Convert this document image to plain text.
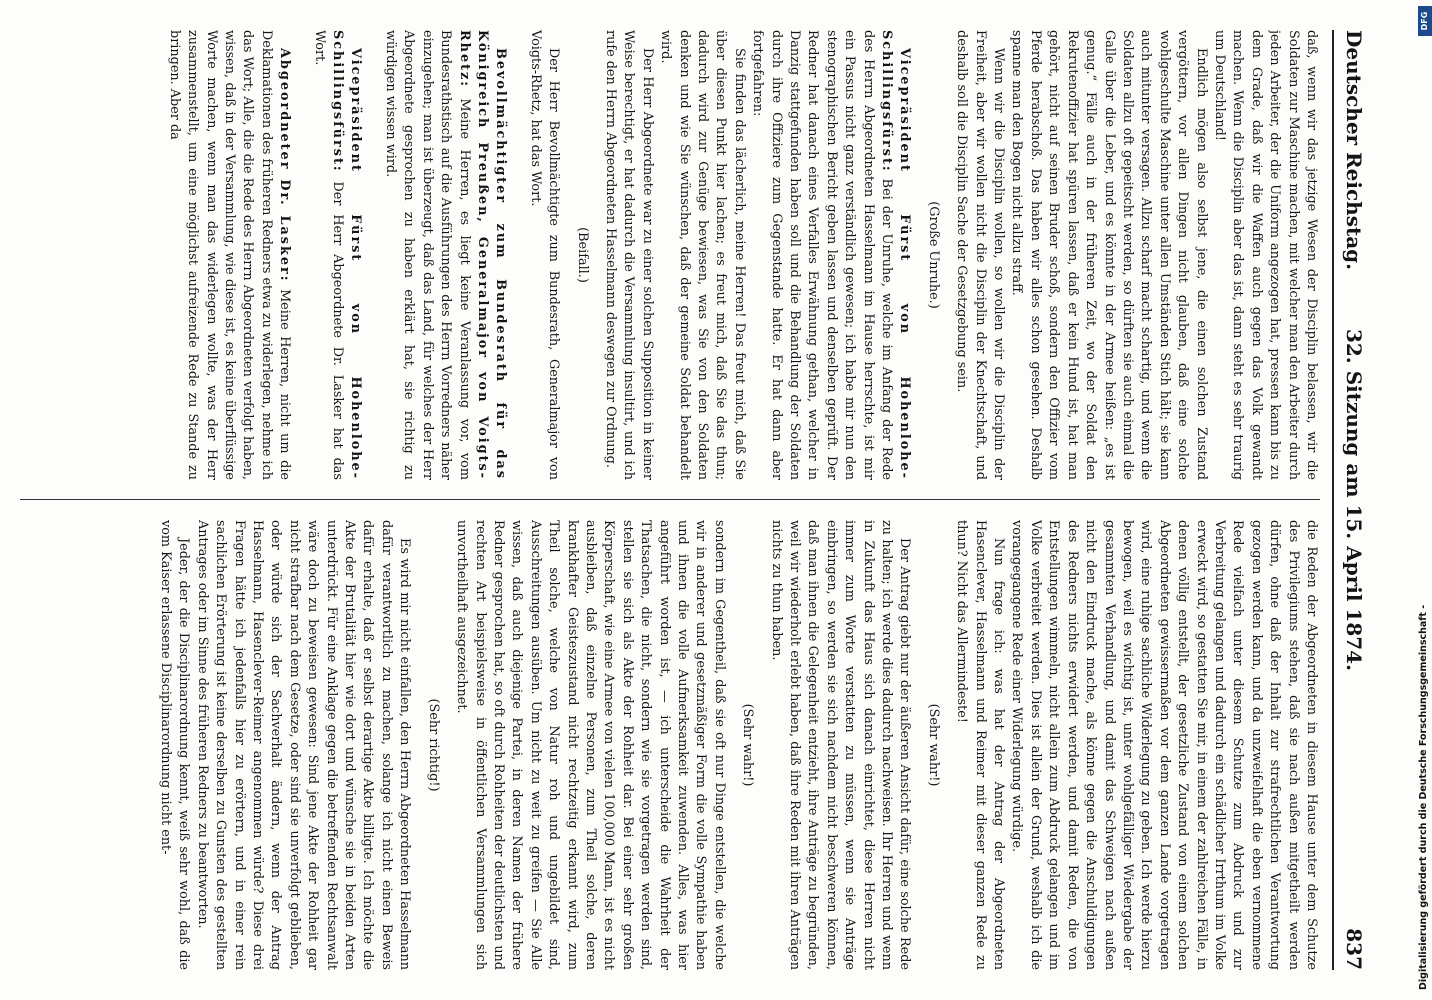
Deutscher Reichstag.
32. Sitzung am 15. April 1874.
837

daß, wenn wir das jetzige Wesen der Disciplin belassen, wir die Soldaten zur Maschine machen, mit welcher man den Arbeiter durch jeden Arbeiter, der die Uniform angezogen hat, pressen kann bis zu dem Grade, daß wir die Waffen auch gegen das Volk gewandt machen. Wenn die Disciplin aber das ist, dann steht es sehr traurig um Deutschland!

Endlich mögen also selbst jene, die einen solchen Zustand vergöttern, vor allen Dingen nicht glauben, daß eine solche wohlgeschulte Maschine unter allen Umständen Stich hält; sie kann auch mitunter versagen. Allzu scharf macht schartig, und wenn die Soldaten allzu oft gepeitscht werden, so dürften sie auch einmal die Galle über die Leber, und es könnte in der Armee heißen: „es ist genug.“ Fälle auch in der früheren Zeit, wo der Soldat den Rekrutenoffizier hat spüren lassen, daß er kein Hund ist, hat man gehört, nicht auf seinen Bruder schoß, sondern den Offizier vom Pferde herabschoß. Das haben wir alles schon gesehen. Deshalb spanne man den Bogen nicht allzu straff.

Wenn wir die Disciplin wollen, so wollen wir die Disciplin der Freiheit, aber wir wollen nicht die Disciplin der Knechtschaft, und deshalb soll die Disciplin Sache der Gesetzgebung sein.

(Große Unruhe.)

Vicepräsident Fürst von Hohenlohe-Schillingsfürst: Bei der Unruhe, welche im Anfang der Rede des Herrn Abgeordneten Hasselmann im Hause herrschte, ist mir ein Passus nicht ganz verständlich gewesen; ich habe mir nun den stenographischen Bericht geben lassen und denselben geprüft. Der Redner hat danach eines Verfalles Erwähnung gethan, welcher in Danzig stattgefunden haben soll und die Behandlung der Soldaten durch ihre Offiziere zum Gegenstande hatte. Er hat dann aber fortgefahren:

Sie finden das lächerlich, meine Herren! Das freut mich, daß Sie über diesen Punkt hier lachen; es freut mich, daß Sie das thun; dadurch wird zur Genüge bewiesen, was Sie von den Soldaten denken und wie Sie wünschen, daß der gemeine Soldat behandelt wird.

Der Herr Abgeordnete war zu einer solchen Supposition in keiner Weise berechtigt, er hat dadurch die Versammlung insultirt, und ich rufe den Herrn Abgeordneten Hasselmann deswegen zur Ordnung.

(Beifall.)

Der Herr Bevollmächtigte zum Bundesrath, Generalmajor von Voigts-Rhetz, hat das Wort.

Bevollmächtigter zum Bundesrath für das Königreich Preußen, Generalmajor von Voigts-Rhetz: Meine Herren, es liegt keine Veranlassung vor, vom Bundesrathstisch auf die Ausführungen des Herrn Vorredners näher einzugehen; man ist überzeugt, daß das Land, für welches der Herr Abgeordnete gesprochen zu haben erklärt hat, sie richtig zu würdigen wissen wird.

Vicepräsident Fürst von Hohenlohe-Schillingsfürst: Der Herr Abgeordnete Dr. Lasker hat das Wort.

Abgeordneter Dr. Lasker: Meine Herren, nicht um die Deklamationen des früheren Redners etwa zu widerlegen, nehme ich das Wort; Alle, die die Rede des Herrn Abgeordneten verfolgt haben, wissen, daß in der Versammlung, wie diese ist, es keine überflüssige Worte machen, wenn man das widerlegen wollte, was der Herr zusammenstellt, um eine möglichst aufreizende Rede zu Stande zu bringen. Aber da

die Reden der Abgeordneten in diesem Hause unter dem Schutze des Privilegiums stehen, daß sie nach außen mitgetheilt werden dürfen, ohne daß der Inhalt zur strafrechtlichen Verantwortung gezogen werden kann, und da unzweifelhaft die eben vernommene Rede vielfach unter diesem Schutze zum Abdruck und zur Verbreitung gelangen und dadurch ein schädlicher Irrthum im Volke erweckt wird, so gestatten Sie mir, in einem der zahlreichen Fälle, in denen völlig entstellt, der gesetzliche Zustand von einem solchen Abgeordneten gewissermaßen vor dem ganzen Lande vorgetragen wird, eine ruhige sachliche Widerlegung zu geben. Ich werde hierzu bewogen, weil es wichtig ist, unter wohlgefälliger Wiedergabe der gesammten Verhandlung, und damit das Schweigen nach außen nicht den Eindruck mache, als könne gegen die Anschuldigungen des Redners nichts erwidert werden, und damit Reden, die von Entstellungen wimmeln, nicht allein zum Abdruck gelangen und im Volke verbreitet werden. Dies ist allein der Grund, weshalb ich die vorangegangene Rede einer Widerlegung würdige.

Nun frage ich: was hat der Antrag der Abgeordneten Hasenclever, Hasselmann und Reimer mit dieser ganzen Rede zu thun? Nicht das Allermindeste!

(Sehr wahr!)

Der Antrag giebt nur der äußeren Ansicht dafür, eine solche Rede zu halten; ich werde dies dadurch nachweisen. Ihr Herren und wenn in Zukunft das Haus sich danach einrichtet, diese Herren nicht immer zum Worte verstatten zu müssen, wenn sie Anträge einbringen, so werden sie sich nachdem nicht beschweren können, daß man ihnen die Gelegenheit entzieht, ihre Anträge zu begründen, weil wir wiederholt erlebt haben, daß ihre Reden mit ihren Anträgen nichts zu thun haben.

(Sehr wahr!)

sondern im Gegentheil, daß sie oft nur Dinge entstellen, die welche wir in anderer und gesetzmäßiger Form die volle Sympathie haben und ihnen die volle Aufmerksamkeit zuwenden. Alles, was hier angeführt worden ist, — ich unterscheide die Wahrheit der Thatsachen, die nicht, sondern wie sie vorgetragen werden sind, stellen sie sich als Akte der Rohheit dar. Bei einer sehr großen Körperschaft, wie eine Armee von vielen 100,000 Mann, ist es nicht ausbleiben, daß einzelne Personen, zum Theil solche, deren krankhafter Geisteszustand nicht rechtzeitig erkannt wird, zum Theil solche, welche von Natur roh und ungebildet sind, Ausschreitungen ausüben. Um nicht zu weit zu greifen — Sie Alle wissen, daß auch diejenige Partei, in deren Namen der frühere Redner gesprochen hat, so oft durch Rohheiten der deutlichsten und rechten Art beispielsweise in öffentlichen Versammlungen sich unvortheilhaft ausgezeichnet.

(Sehr richtig!)

Es wird mir nicht einfallen, den Herrn Abgeordneten Hasselmann dafür verantwortlich zu machen, solange ich nicht einen Beweis dafür erhalte, daß er selbst derartige Akte billigte. Ich möchte die Akte der Brutalität hier wie dort und wünsche sie in beiden Arten unterdrückt. Für eine Anklage gegen die betreffenden Rechtsanwalt wäre doch zu beweisen gewesen: Sind jene Akte der Rohheit gar nicht strafbar nach dem Gesetze, oder sind sie unverfolgt geblieben, oder würde sich der Sachverhalt ändern, wenn der Antrag Hasselmann, Hasenclever-Reimer angenommen würde? Diese drei Fragen hätte ich jedenfalls hier zu erörtern, und in einer rein sachlichen Erörterung ist keine derselben zu Gunsten des gestellten Antrages oder im Sinne des früheren Redners zu beantworten.

Jeder, der die Disciplinarordnung kennt, weiß sehr wohl, daß die vom Kaiser erlassene Disciplinarordnung nicht ent-	Digitalisierung gefördert durch die Deutsche Forschungsgemeinschaft -
DFG
